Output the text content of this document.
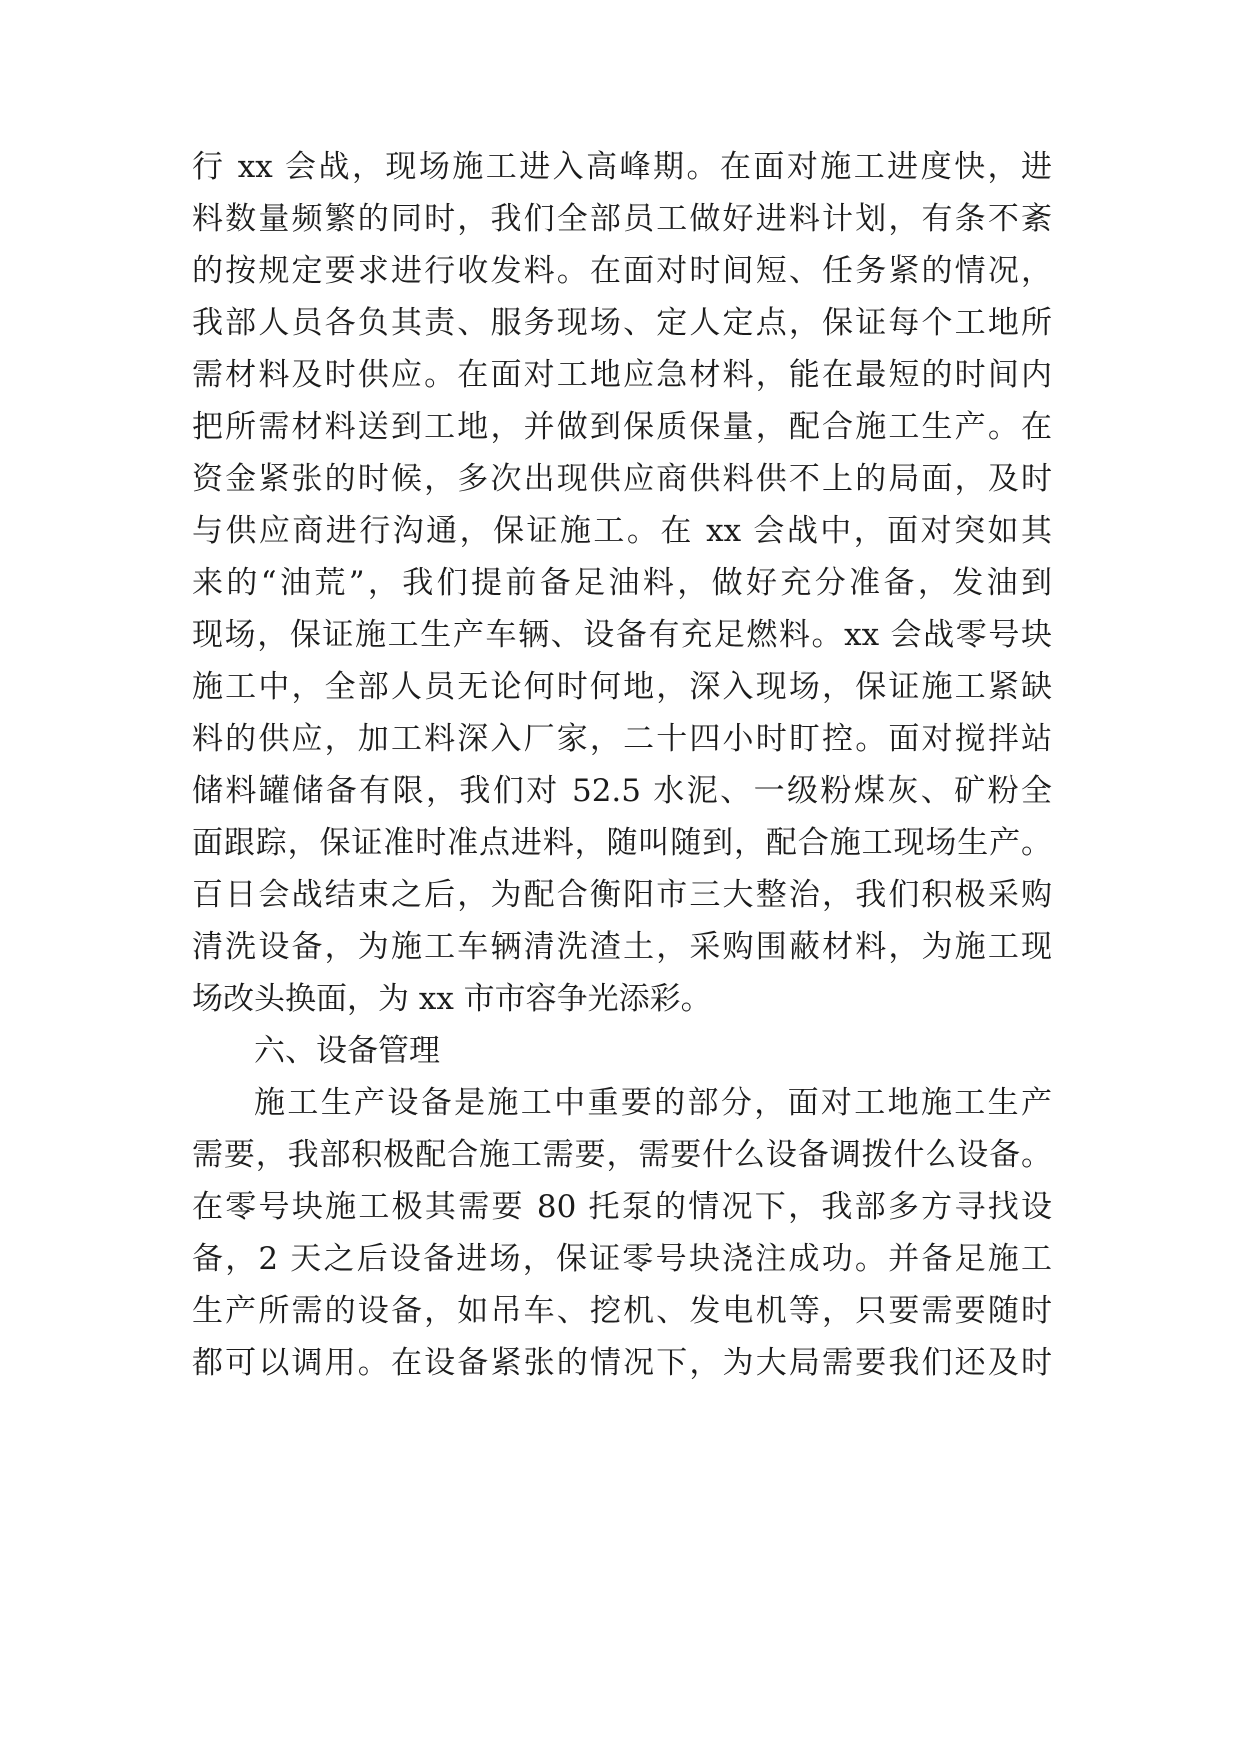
行 xx 会战，现场施工进入高峰期。在面对施工进度快，进
料数量频繁的同时，我们全部员工做好进料计划，有条不紊
的按规定要求进行收发料。在面对时间短、任务紧的情况，
我部人员各负其责、服务现场、定人定点，保证每个工地所
需材料及时供应。在面对工地应急材料，能在最短的时间内
把所需材料送到工地，并做到保质保量，配合施工生产。在
资金紧张的时候，多次出现供应商供料供不上的局面，及时
与供应商进行沟通，保证施工。在 xx 会战中，面对突如其
来的“油荒”，我们提前备足油料，做好充分准备，发油到
现场，保证施工生产车辆、设备有充足燃料。xx 会战零号块
施工中，全部人员无论何时何地，深入现场，保证施工紧缺
料的供应，加工料深入厂家，二十四小时盯控。面对搅拌站
储料罐储备有限，我们对 52.5 水泥、一级粉煤灰、矿粉全
面跟踪，保证准时准点进料，随叫随到，配合施工现场生产。
百日会战结束之后，为配合衡阳市三大整治，我们积极采购
清洗设备，为施工车辆清洗渣土，采购围蔽材料，为施工现
场改头换面，为 xx 市市容争光添彩。
六、设备管理
施工生产设备是施工中重要的部分，面对工地施工生产
需要，我部积极配合施工需要，需要什么设备调拨什么设备。
在零号块施工极其需要 80 托泵的情况下，我部多方寻找设
备，2 天之后设备进场，保证零号块浇注成功。并备足施工
生产所需的设备，如吊车、挖机、发电机等，只要需要随时
都可以调用。在设备紧张的情况下，为大局需要我们还及时
